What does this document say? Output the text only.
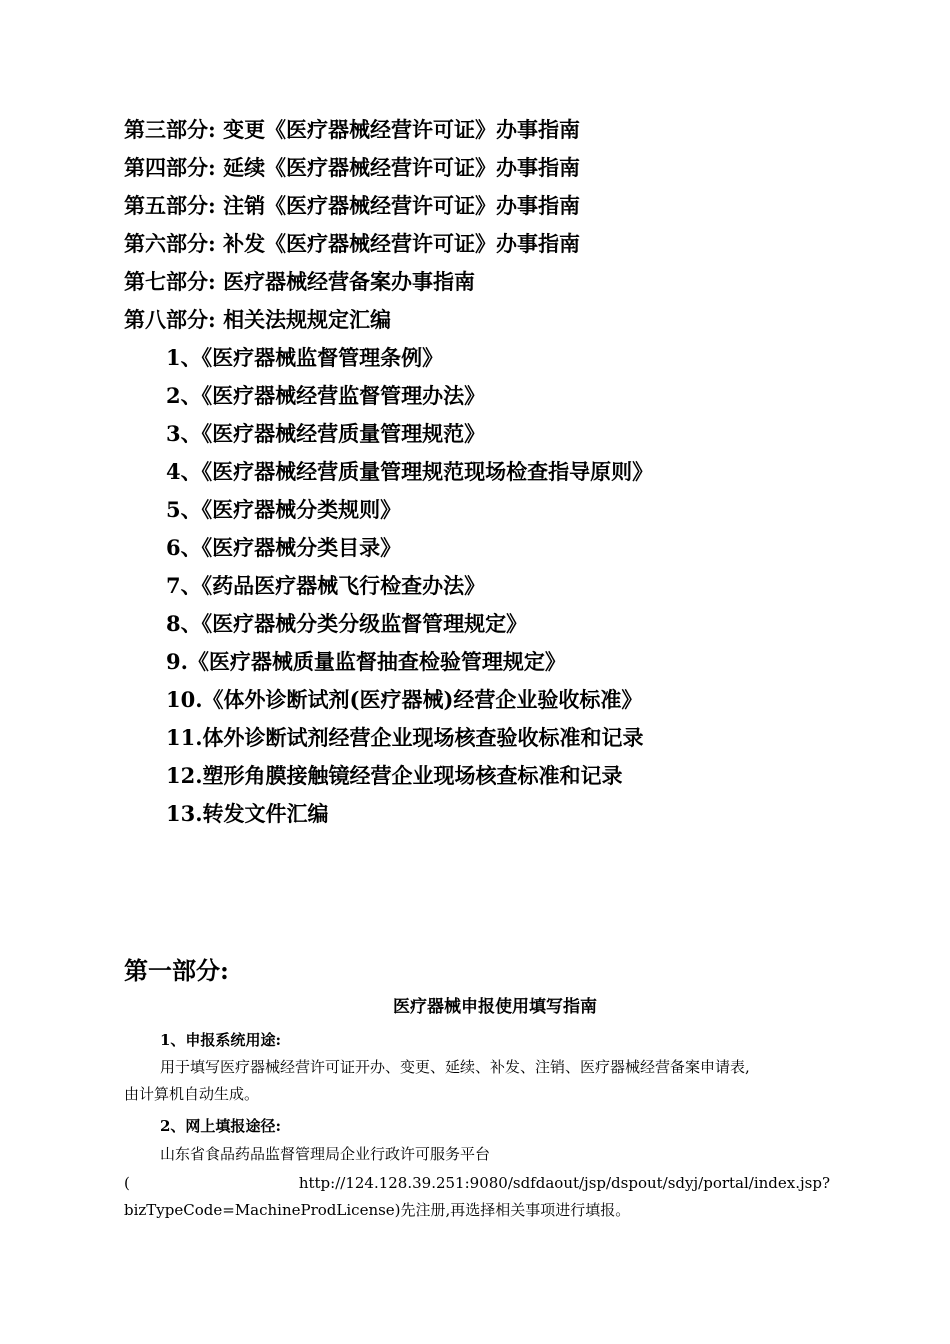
第三部分: 变更《医疗器械经营许可证》办事指南
第四部分: 延续《医疗器械经营许可证》办事指南
第五部分: 注销《医疗器械经营许可证》办事指南
第六部分: 补发《医疗器械经营许可证》办事指南
第七部分: 医疗器械经营备案办事指南
第八部分: 相关法规规定汇编
1、《医疗器械监督管理条例》
2、《医疗器械经营监督管理办法》
3、《医疗器械经营质量管理规范》
4、《医疗器械经营质量管理规范现场检查指导原则》
5、《医疗器械分类规则》
6、《医疗器械分类目录》
7、《药品医疗器械飞行检查办法》
8、《医疗器械分类分级监督管理规定》
9.《医疗器械质量监督抽查检验管理规定》
10.《体外诊断试剂(医疗器械)经营企业验收标准》
11.体外诊断试剂经营企业现场核查验收标准和记录
12.塑形角膜接触镜经营企业现场核查标准和记录
13.转发文件汇编
第一部分:
医疗器械申报使用填写指南
1、申报系统用途:
用于填写医疗器械经营许可证开办、变更、延续、补发、注销、医疗器械经营备案申请表,
由计算机自动生成。
2、网上填报途径:
山东省食品药品监督管理局企业行政许可服务平台
(	http://124.128.39.251:9080/sdfdaout/jsp/dspout/sdyj/portal/index.jsp?
bizTypeCode=MachineProdLicense)先注册,再选择相关事项进行填报。
